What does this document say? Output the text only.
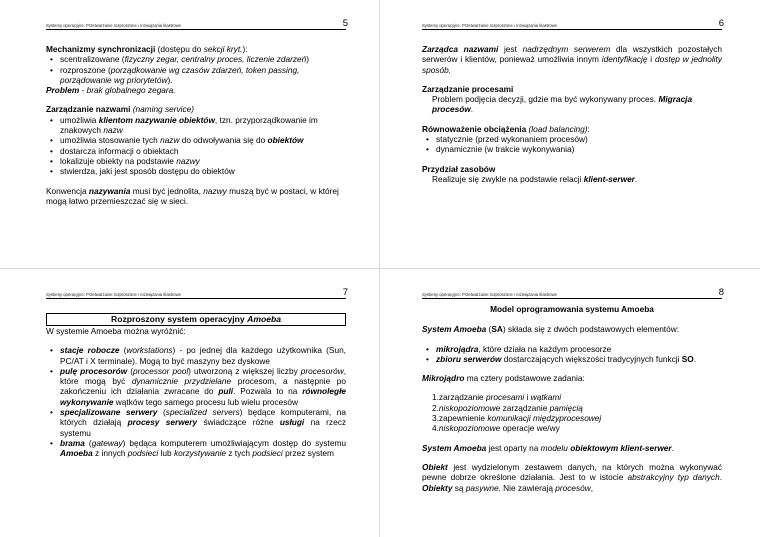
Systemy operacyjne: Przetwarzanie rozproszone i rozwiązania klastrowe	5

Mechanizmy synchronizacji (dostępu do sekcji kryt.):

• scentralizowane (fizyczny zegar, centralny proces, liczenie zdarzeń)
• rozproszone (porządkowanie wg czasów zdarzeń, token passing, porządowanie wg priorytetów).

Problem - brak globalnego zegara.

Zarządzanie nazwami (naming service)

• umożliwia klientom nazywanie obiektów, tzn. przyporządkowanie im znakowych nazw
• umożliwia stosowanie tych nazw do odwoływania się do obiektów
• dostarcza informacji o obiektach
• lokalizuje obiekty na podstawie nazwy
• stwierdza, jaki jest sposób dostępu do obiektów

Konwencja nazywania musi być jednolita, nazwy muszą być w postaci, w której mogą łatwo przemieszczać się w sieci.

Systemy operacyjne: Przetwarzanie rozproszone i rozwiązania klastrowe	6

Zarządca nazwami jest nadrzędnym serwerem dla wszystkich pozostałych serwerów i klientów, ponieważ umożliwia innym identyfikację i dostęp w jednolity sposób.

Zarządzanie procesami

Problem podjęcia decyzji, gdzie ma być wykonywany proces. Migracja procesów.

Równoważenie obciążenia (load balancing):

• statycznie (przed wykonaniem procesów)
• dynamicznie (w trakcie wykonywania)

Przydział zasobów

Realizuje się zwykle na podstawie relacji klient-serwer.

Systemy operacyjne: Przetwarzanie rozproszone i rozwiązania klastrowe	7
Rozproszony system operacyjny Amoeba

W systemie Amoeba można wyróżnić:

• stacje robocze (workstations) - po jednej dla każdego użytkownika (Sun, PC/AT i X terminale). Mogą to być maszyny bez dyskowe
• pulę procesorów (processor pool) utworzoną z większej liczby procesorów, które mogą być dynamicznie przydzielane procesom, a następnie po zakończeniu ich działania zwracane do puli. Pozwala to na równoległe wykonywanie wątków tego samego procesu lub wielu procesów
• specjalizowane serwery (specialized servers) będące komputerami, na których działają procesy serwery świadczące różne usługi na rzecz systemu
• brama (gateway) będąca komputerem umożliwiającym dostęp do systemu Amoeba z innych podsieci lub korzystywanie z tych podsieci przez system
Systemy operacyjne: Przetwarzanie rozproszone i rozwiązania klastrowe	8

Model oprogramowania systemu Amoeba

System Amoeba (SA) składa się z dwóch podstawowych elementów:

• mikrojądra, które działa na każdym procesorze
• zbioru serwerów dostarczających większości tradycyjnych funkcji SO.

Mikrojądro ma cztery podstawowe zadania:

1.zarządzanie procesami i wątkami
2.niskopoziomowe zarządzanie pamięcią
3.zapewnienie komunikacji międzyprocesowej
4.niskopoziomowe operacje we/wy

System Amoeba jest oparty na modelu obiektowym klient-serwer.

Obiekt jest wydzielonym zestawem danych, na których można wykonywać pewne dobrze określone działania. Jest to w istocie abstrakcyjny typ danych. Obiekty są pasywne. Nie zawierają procesów,
